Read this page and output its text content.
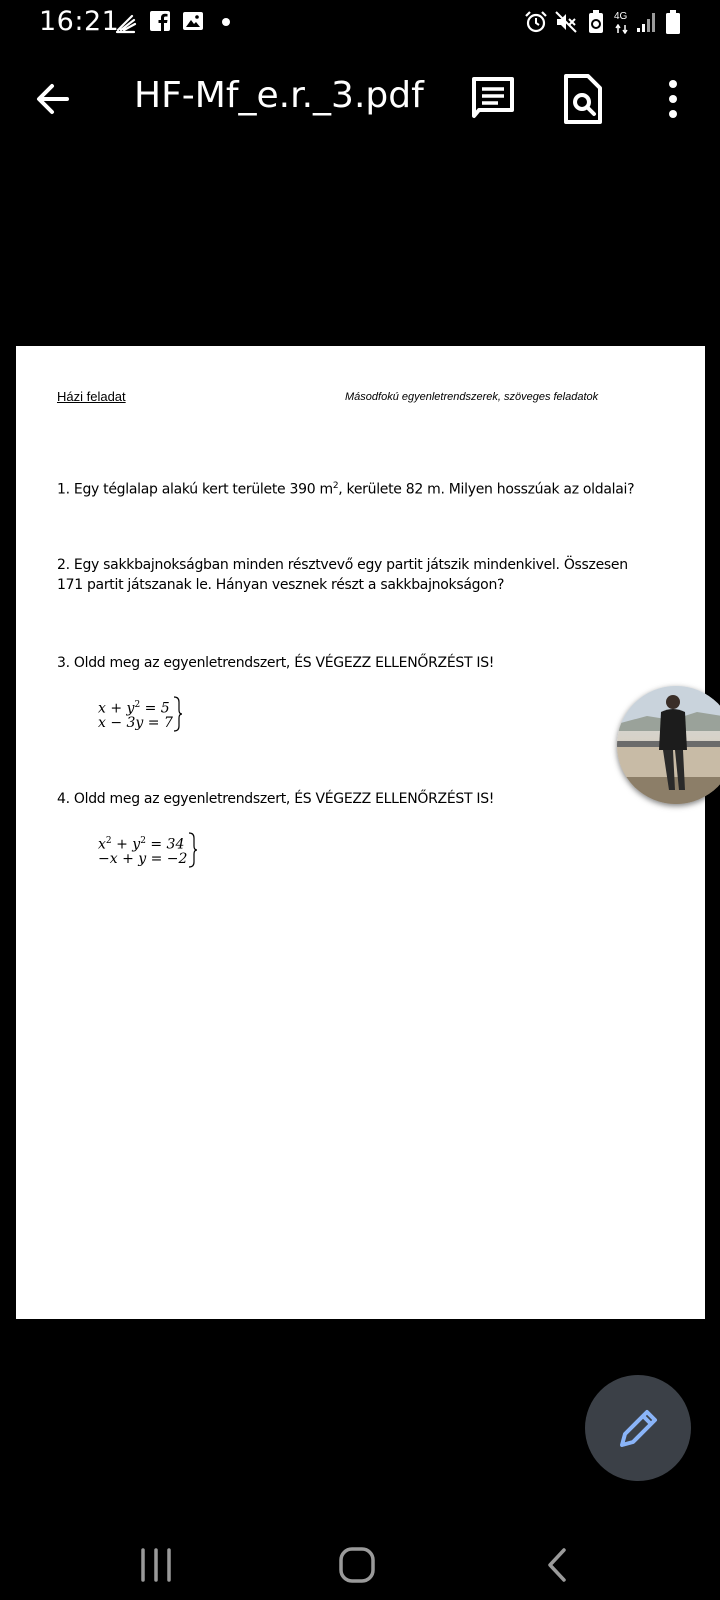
16:21	4G
HF-Mf_e.r._3.pdf
Házi feladat	Másodfokú egyenletrendszerek, szöveges feladatok
1. Egy téglalap alakú kert területe 390 $m^2$, kerülete 82 m. Milyen hosszúak az oldalai?
2. Egy sakkbajnokságban minden résztvevő egy partit játszik mindenkivel. Összesen 171 partit játszanak le. Hányan vesznek részt a sakkbajnokságon?
3. Oldd meg az egyenletrendszert, ÉS VÉGEZZ ELLENŐRZÉST IS!
$x + y^2 = 5$
x − 3y = 7
4. Oldd meg az egyenletrendszert, ÉS VÉGEZZ ELLENŐRZÉST IS!
$x^2 + y^2 = 34$
−x + y = −2
